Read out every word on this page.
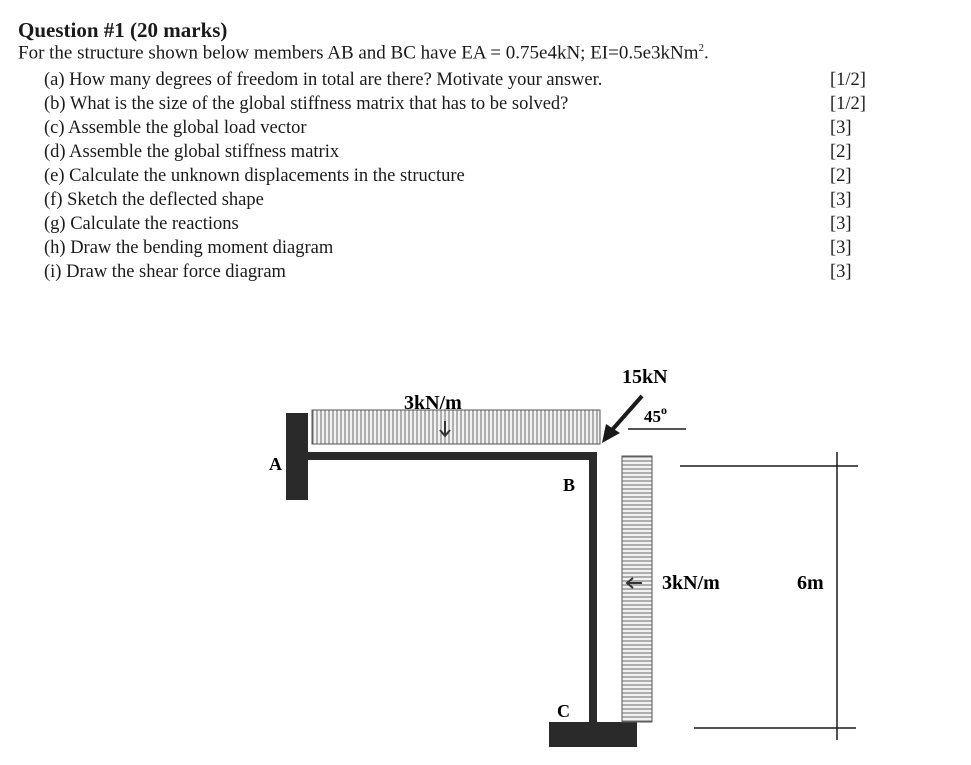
Question #1 (20 marks)
For the structure shown below members AB and BC have EA = 0.75e4kN; EI=0.5e3kNm$^2$.
(a) How many degrees of freedom in total are there? Motivate your answer.	[1/2]
(b) What is the size of the global stiffness matrix that has to be solved?	[1/2]
(c) Assemble the global load vector	[3]
(d) Assemble the global stiffness matrix	[2]
(e) Calculate the unknown displacements in the structure	[2]
(f) Sketch the deflected shape	[3]
(g) Calculate the reactions	[3]
(h) Draw the bending moment diagram	[3]
(i) Draw the shear force diagram	[3]
15kN
45$^o$
3kN/m
3kN/m	6m
A
B
C
